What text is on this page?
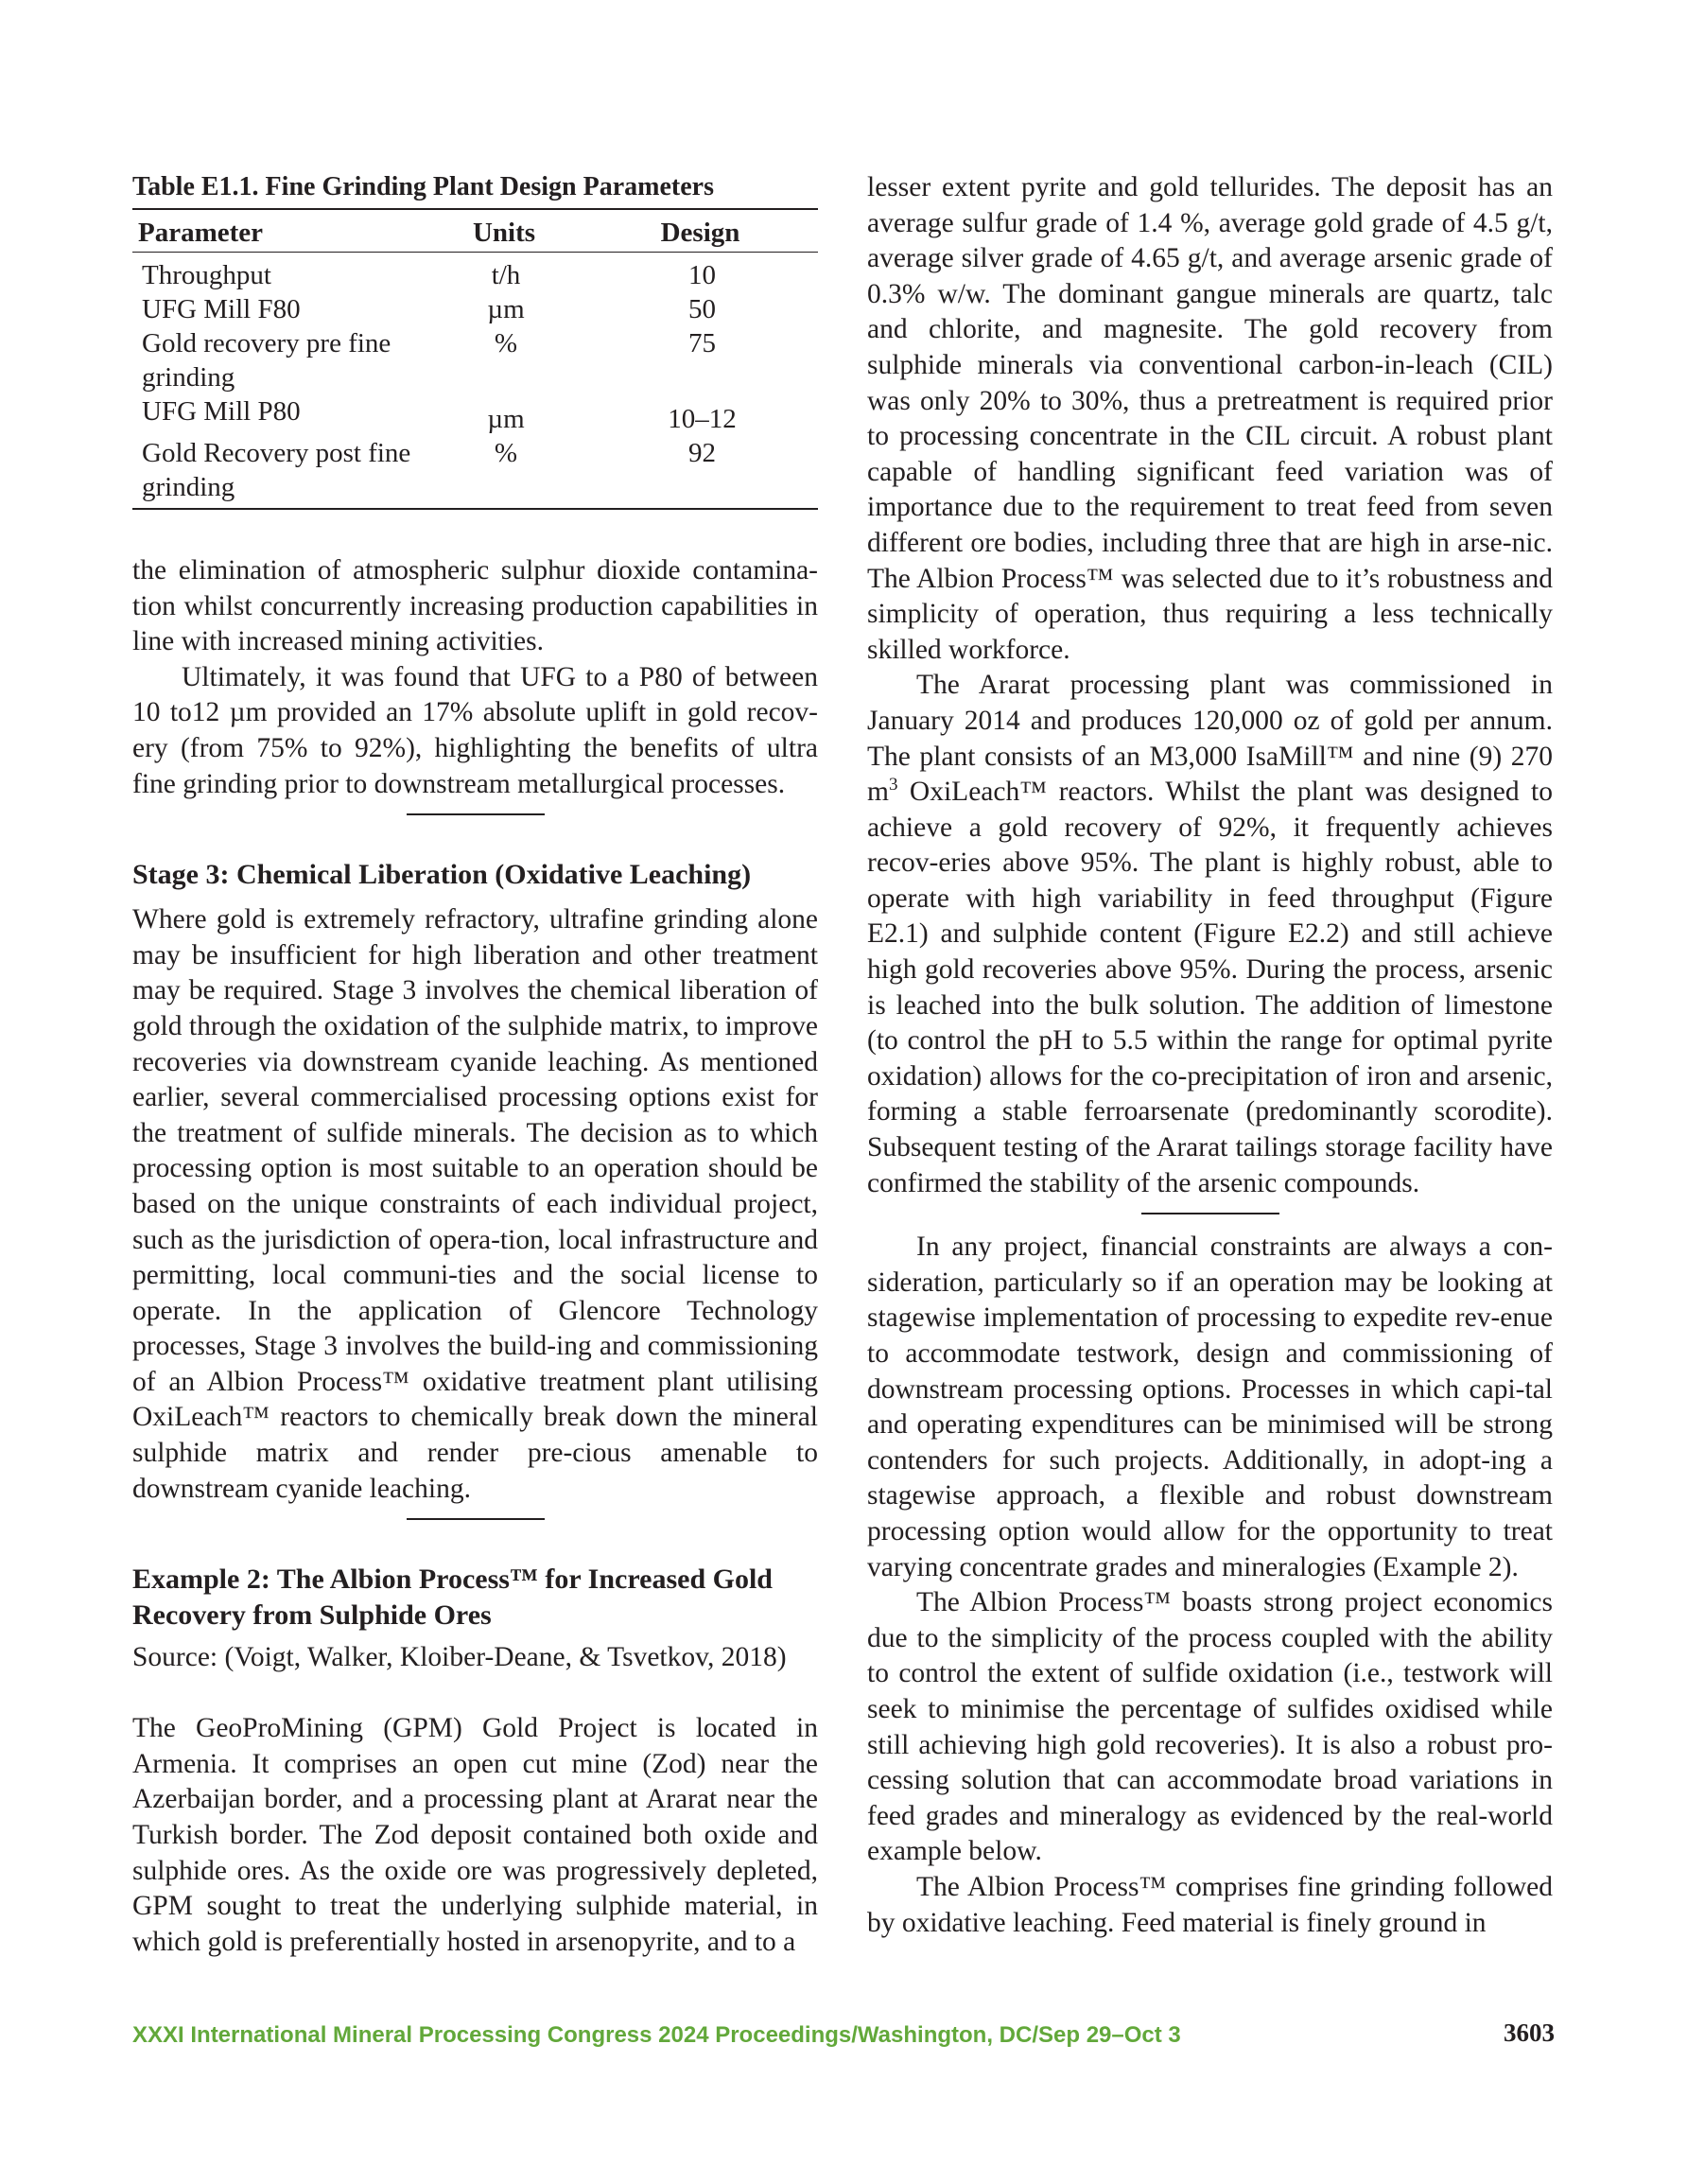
Table E1.1. Fine Grinding Plant Design Parameters
Parameter	Units	Design
Throughput	t/h	10
UFG Mill F80	µm	50
Gold recovery pre fine grinding	%	75
UFG Mill P80	µm	10–12
Gold Recovery post fine grinding	%	92

the elimination of atmospheric sulphur dioxide contamina-tion whilst concurrently increasing production capabilities in line with increased mining activities.

Ultimately, it was found that UFG to a P80 of between 10 to12 µm provided an 17% absolute uplift in gold recov-ery (from 75% to 92%), highlighting the benefits of ultra fine grinding prior to downstream metallurgical processes.

Stage 3: Chemical Liberation (Oxidative Leaching)

Where gold is extremely refractory, ultrafine grinding alone may be insufficient for high liberation and other treatment may be required. Stage 3 involves the chemical liberation of gold through the oxidation of the sulphide matrix, to improve recoveries via downstream cyanide leaching. As mentioned earlier, several commercialised processing options exist for the treatment of sulfide minerals. The decision as to which processing option is most suitable to an operation should be based on the unique constraints of each individual project, such as the jurisdiction of opera-tion, local infrastructure and permitting, local communi-ties and the social license to operate. In the application of Glencore Technology processes, Stage 3 involves the build-ing and commissioning of an Albion Process™ oxidative treatment plant utilising OxiLeach™ reactors to chemically break down the mineral sulphide matrix and render pre-cious amenable to downstream cyanide leaching.

Example 2: The Albion Process™ for Increased Gold Recovery from Sulphide Ores

Source: (Voigt, Walker, Kloiber-Deane, & Tsvetkov, 2018)

The GeoProMining (GPM) Gold Project is located in Armenia. It comprises an open cut mine (Zod) near the Azerbaijan border, and a processing plant at Ararat near the Turkish border. The Zod deposit contained both oxide and sulphide ores. As the oxide ore was progressively depleted, GPM sought to treat the underlying sulphide material, in which gold is preferentially hosted in arsenopyrite, and to a

lesser extent pyrite and gold tellurides. The deposit has an average sulfur grade of 1.4 %, average gold grade of 4.5 g/t, average silver grade of 4.65 g/t, and average arsenic grade of 0.3% w/w. The dominant gangue minerals are quartz, talc and chlorite, and magnesite. The gold recovery from sulphide minerals via conventional carbon-in-leach (CIL) was only 20% to 30%, thus a pretreatment is required prior to processing concentrate in the CIL circuit. A robust plant capable of handling significant feed variation was of importance due to the requirement to treat feed from seven different ore bodies, including three that are high in arse-nic. The Albion Process™ was selected due to it’s robustness and simplicity of operation, thus requiring a less technically skilled workforce.

The Ararat processing plant was commissioned in January 2014 and produces 120,000 oz of gold per annum. The plant consists of an M3,000 IsaMill™ and nine (9) 270 $m^3$ OxiLeach™ reactors. Whilst the plant was designed to achieve a gold recovery of 92%, it frequently achieves recov-eries above 95%. The plant is highly robust, able to operate with high variability in feed throughput (Figure E2.1) and sulphide content (Figure E2.2) and still achieve high gold recoveries above 95%. During the process, arsenic is leached into the bulk solution. The addition of limestone (to control the pH to 5.5 within the range for optimal pyrite oxidation) allows for the co-precipitation of iron and arsenic, forming a stable ferroarsenate (predominantly scorodite). Subsequent testing of the Ararat tailings storage facility have confirmed the stability of the arsenic compounds.

In any project, financial constraints are always a con-sideration, particularly so if an operation may be looking at stagewise implementation of processing to expedite rev-enue to accommodate testwork, design and commissioning of downstream processing options. Processes in which capi-tal and operating expenditures can be minimised will be strong contenders for such projects. Additionally, in adopt-ing a stagewise approach, a flexible and robust downstream processing option would allow for the opportunity to treat varying concentrate grades and mineralogies (Example 2).

The Albion Process™ boasts strong project economics due to the simplicity of the process coupled with the ability to control the extent of sulfide oxidation (i.e., testwork will seek to minimise the percentage of sulfides oxidised while still achieving high gold recoveries). It is also a robust pro-cessing solution that can accommodate broad variations in feed grades and mineralogy as evidenced by the real-world example below.

The Albion Process™ comprises fine grinding followed by oxidative leaching. Feed material is finely ground in

XXXI International Mineral Processing Congress 2024 Proceedings/Washington, DC/Sep 29–Oct 3	3603
